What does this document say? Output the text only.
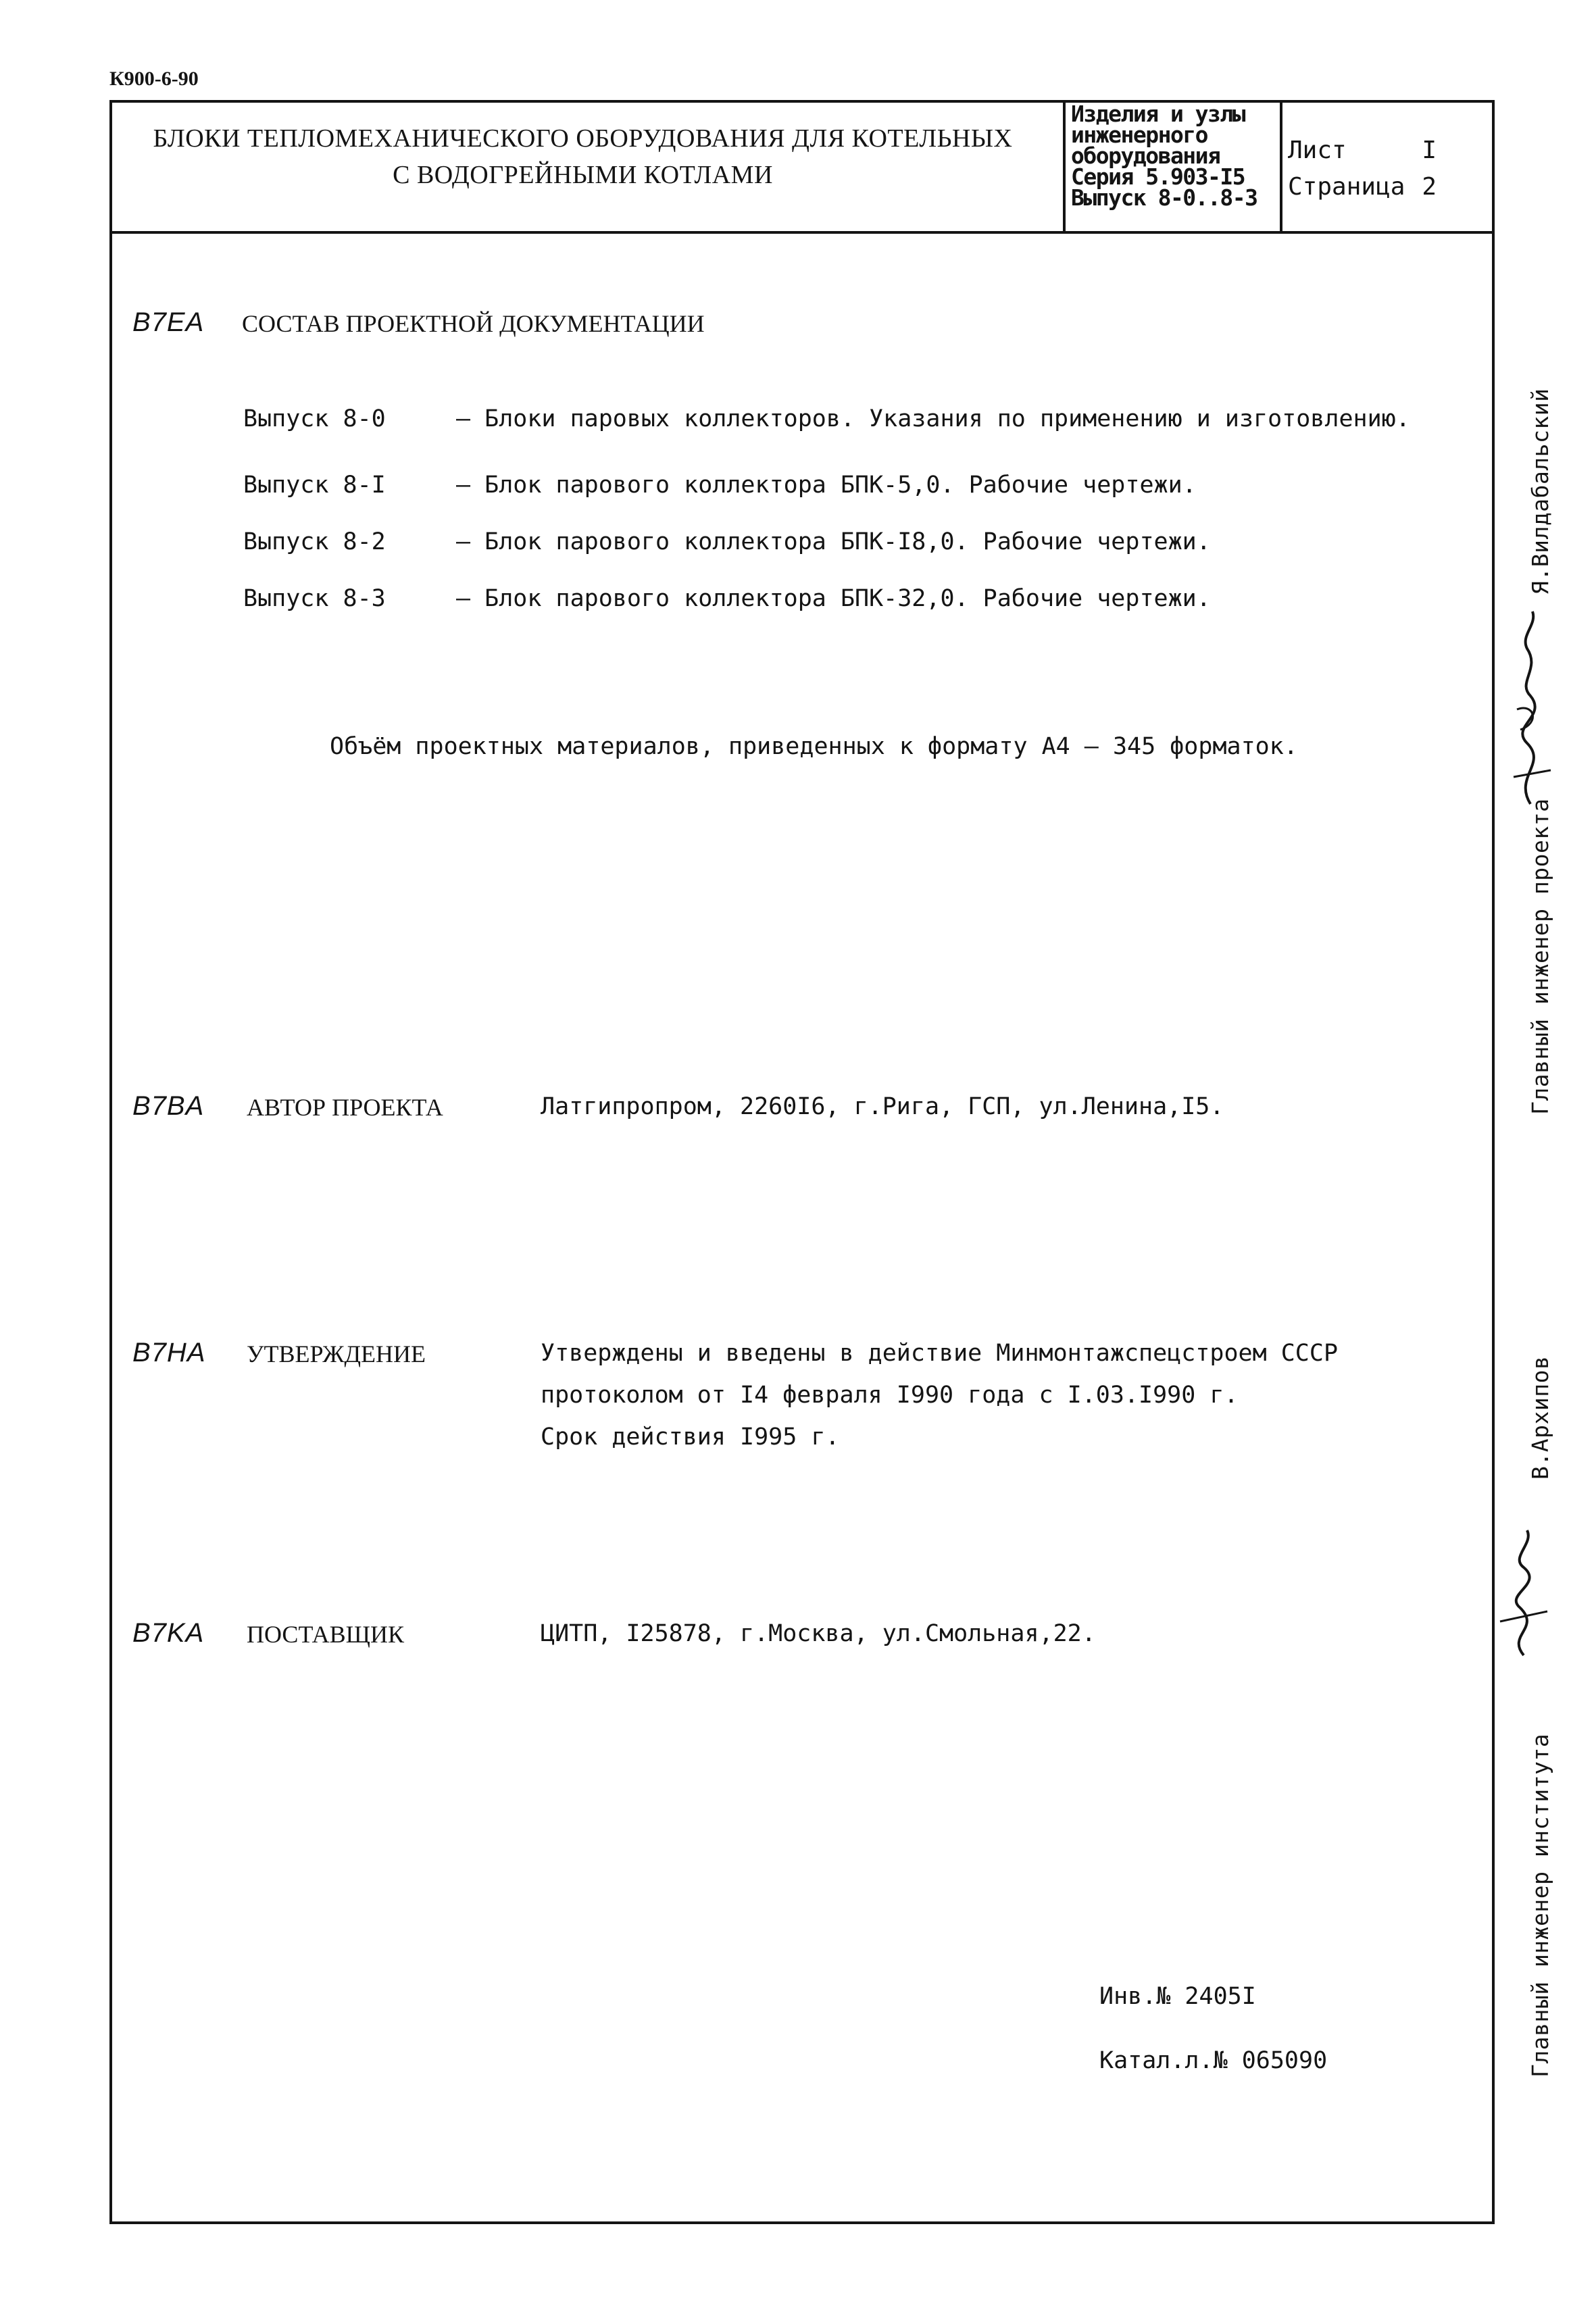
К900-6-90
БЛОКИ ТЕПЛОМЕХАНИЧЕСКОГО ОБОРУДОВАНИЯ ДЛЯ КОТЕЛЬНЫХ
С ВОДОГРЕЙНЫМИ КОТЛАМИ
Изделия и узлы
инженерного
оборудования
Серия 5.903-I5
Выпуск 8-0..8-3
Лист	I
Страница 2
B7EA СОСТАВ ПРОЕКТНОЙ ДОКУМЕНТАЦИИ
Выпуск 8-0	– Блоки паровых коллекторов. Указания по применению и изготовлению.
Выпуск 8-I	– Блок парового коллектора БПК-5,0. Рабочие чертежи.
Выпуск 8-2	– Блок парового коллектора БПК-I8,0. Рабочие чертежи.
Выпуск 8-3	– Блок парового коллектора БПК-32,0. Рабочие чертежи.
Объём проектных материалов, приведенных к формату А4 – 345 форматок.
B7BA АВТОР ПРОЕКТА	Латгипропром, 2260I6, г.Рига, ГСП, ул.Ленина,I5.
B7HA УТВЕРЖДЕНИЕ	Утверждены и введены в действие Минмонтажспецстроем СССР
протоколом от I4 февраля I990 года с I.03.I990 г.
Срок действия I995 г.
B7KA ПОСТАВЩИК	ЦИТП, I25878, г.Москва, ул.Смольная,22.
Инв.№ 2405I
Катал.л.№ 065090
Главный инженер проекта
Я.Вилдабальский
Главный инженер института
В.Архипов
